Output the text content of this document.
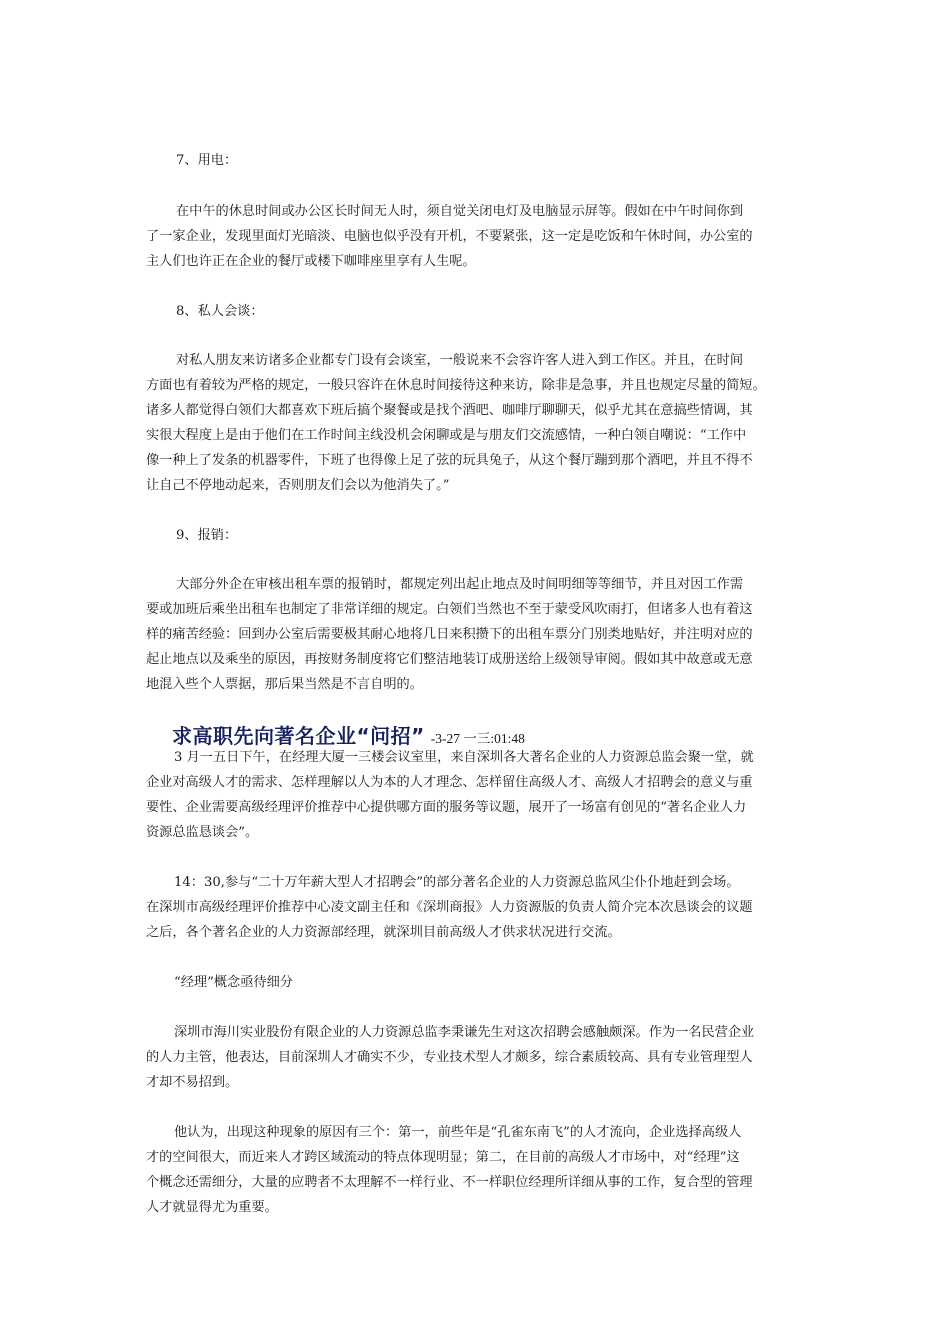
7、用电：
在中午的休息时间或办公区长时间无人时，须自觉关闭电灯及电脑显示屏等。假如在中午时间你到
了一家企业，发现里面灯光暗淡、电脑也似乎没有开机，不要紧张，这一定是吃饭和午休时间，办公室的
主人们也许正在企业的餐厅或楼下咖啡座里享有人生呢。
8、私人会谈：
对私人朋友来访诸多企业都专门设有会谈室，一般说来不会容许客人进入到工作区。并且，在时间
方面也有着较为严格的规定，一般只容许在休息时间接待这种来访，除非是急事，并且也规定尽量的简短。
诸多人都觉得白领们大都喜欢下班后搞个聚餐或是找个酒吧、咖啡厅聊聊天，似乎尤其在意搞些情调，其
实很大程度上是由于他们在工作时间主线没机会闲聊或是与朋友们交流感情，一种白领自嘲说：“工作中
像一种上了发条的机器零件，下班了也得像上足了弦的玩具兔子，从这个餐厅蹦到那个酒吧，并且不得不
让自己不停地动起来，否则朋友们会以为他消失了。”
9、报销：
大部分外企在审核出租车票的报销时，都规定列出起止地点及时间明细等等细节，并且对因工作需
要或加班后乘坐出租车也制定了非常详细的规定。白领们当然也不至于蒙受风吹雨打，但诸多人也有着这
样的痛苦经验：回到办公室后需要极其耐心地将几日来积攒下的出租车票分门别类地贴好，并注明对应的
起止地点以及乘坐的原因，再按财务制度将它们整洁地装订成册送给上级领导审阅。假如其中故意或无意
地混入些个人票据，那后果当然是不言自明的。
求高职先向著名企业“问招” -3-27 一三:01:48
3 月一五日下午，在经理大厦一三楼会议室里，来自深圳各大著名企业的人力资源总监会聚一堂，就
企业对高级人才的需求、怎样理解以人为本的人才理念、怎样留住高级人才、高级人才招聘会的意义与重
要性、企业需要高级经理评价推荐中心提供哪方面的服务等议题，展开了一场富有创见的“著名企业人力
资源总监恳谈会”。
14：30,参与“二十万年薪大型人才招聘会”的部分著名企业的人力资源总监风尘仆仆地赶到会场。
在深圳市高级经理评价推荐中心凌文副主任和《深圳商报》人力资源版的负责人简介完本次恳谈会的议题
之后，各个著名企业的人力资源部经理，就深圳目前高级人才供求状况进行交流。
“经理”概念亟待细分
深圳市海川实业股份有限企业的人力资源总监李秉谦先生对这次招聘会感触颇深。作为一名民营企业
的人力主管，他表达，目前深圳人才确实不少，专业技术型人才颇多，综合素质较高、具有专业管理型人
才却不易招到。
他认为，出现这种现象的原因有三个：第一，前些年是“孔雀东南飞”的人才流向，企业选择高级人
才的空间很大，而近来人才跨区域流动的特点体现明显；第二，在目前的高级人才市场中，对“经理”这
个概念还需细分，大量的应聘者不太理解不一样行业、不一样职位经理所详细从事的工作，复合型的管理
人才就显得尤为重要。
